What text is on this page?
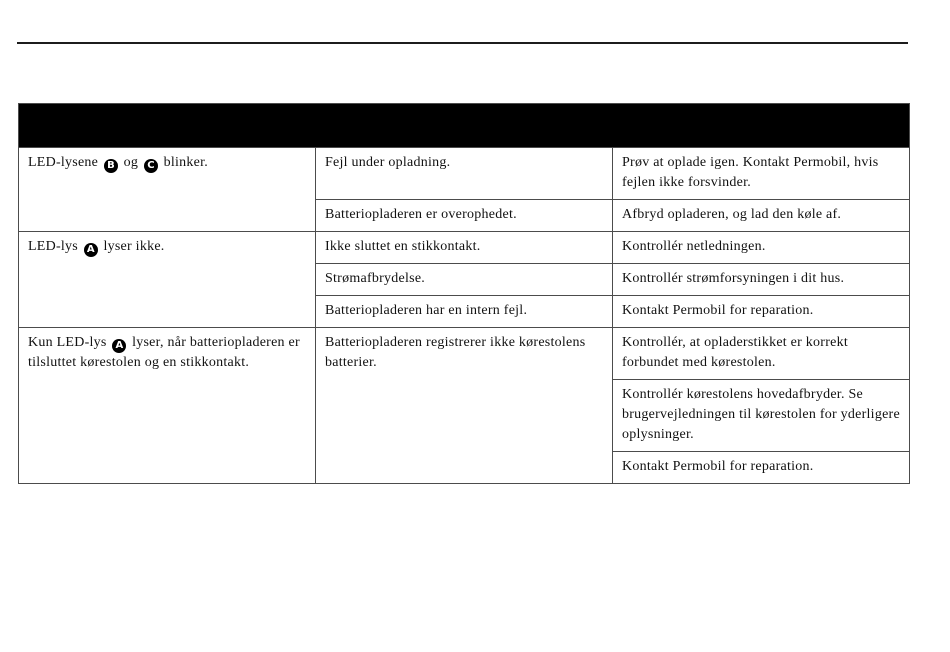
LED-lysene B og C blinker.	Fejl under opladning.	Prøv at oplade igen. Kontakt Permobil, hvis fejlen ikke forsvinder.
	Batteriopladeren er overophedet.	Afbryd opladeren, og lad den køle af.
LED-lys A lyser ikke.	Ikke sluttet en stikkontakt.	Kontrollér netledningen.
	Strømafbrydelse.	Kontrollér strømforsyningen i dit hus.
	Batteriopladeren har en intern fejl.	Kontakt Permobil for reparation.
Kun LED-lys A lyser, når batteriopladeren er tilsluttet kørestolen og en stikkontakt.	Batteriopladeren registrerer ikke kørestolens batterier.	Kontrollér, at opladerstikket er korrekt forbundet med kørestolen.
		Kontrollér kørestolens hovedafbryder. Se brugervejledningen til kørestolen for yderligere oplysninger.
		Kontakt Permobil for reparation.
